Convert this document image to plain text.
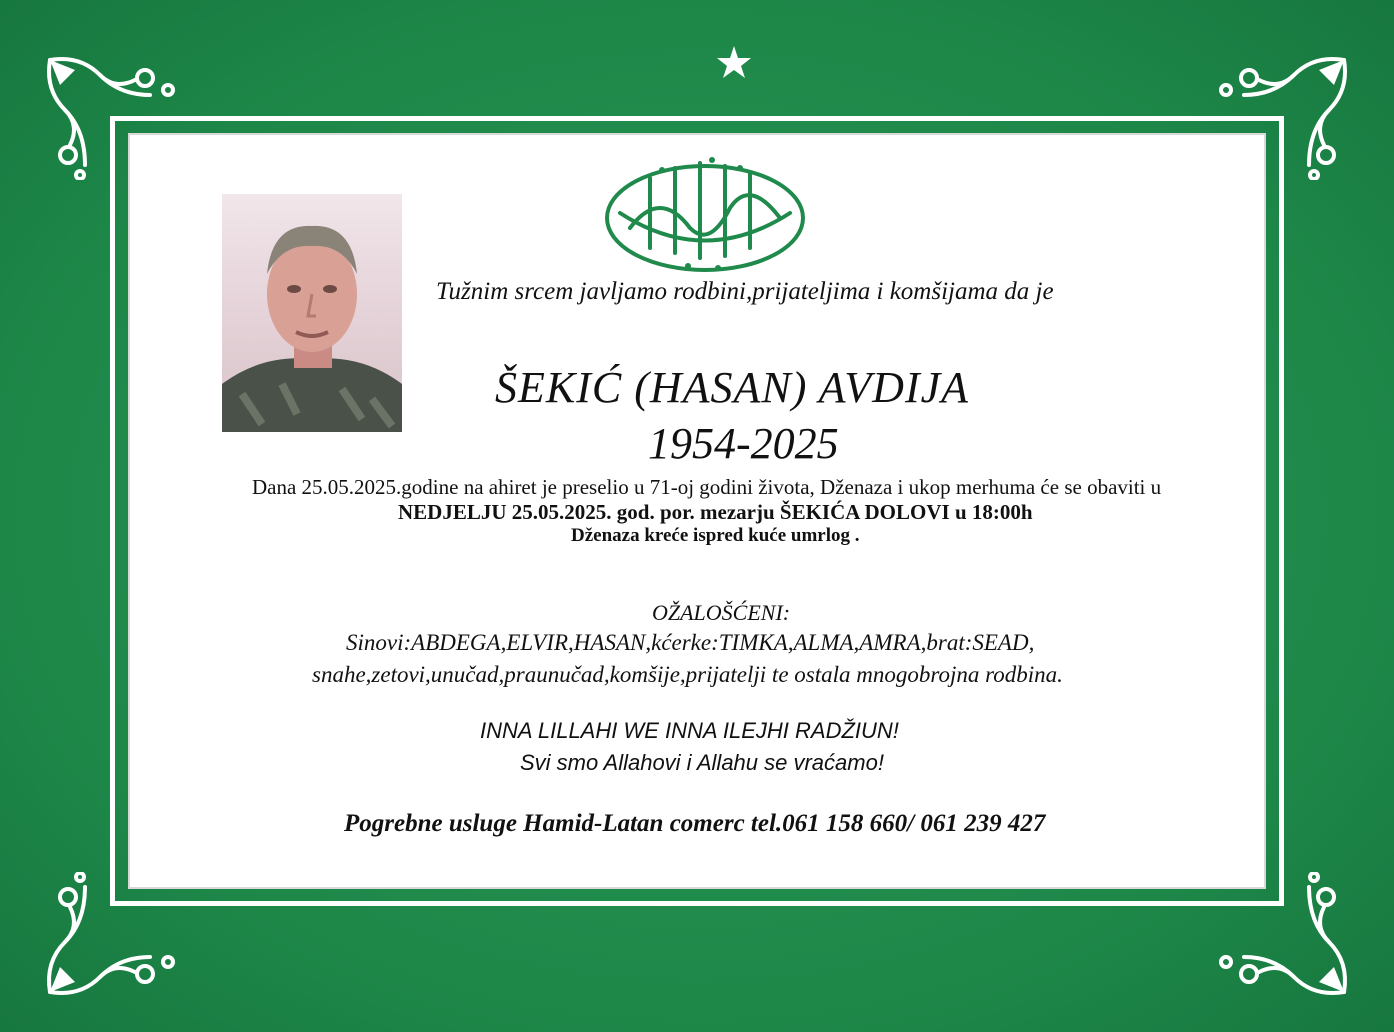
Tužnim srcem javljamo rodbini,prijateljima i komšijama da je

ŠEKIĆ (HASAN) AVDIJA

1954-2025

Dana 25.05.2025.godine na ahiret je preselio u 71-oj godini života, Dženaza i ukop merhuma će se obaviti u

NEDJELJU 25.05.2025. god. por. mezarju ŠEKIĆA DOLOVI u 18:00h

Dženaza kreće ispred kuće umrlog .

OŽALOŠĆENI:

Sinovi:ABDEGA,ELVIR,HASAN,kćerke:TIMKA,ALMA,AMRA,brat:SEAD,

snahe,zetovi,unučad,praunučad,komšije,prijatelji te ostala mnogobrojna rodbina.

INNA LILLAHI WE INNA ILEJHI RADŽIUN!

Svi smo Allahovi i Allahu se vraćamo!

Pogrebne usluge Hamid-Latan comerc tel.061 158 660/ 061 239 427
